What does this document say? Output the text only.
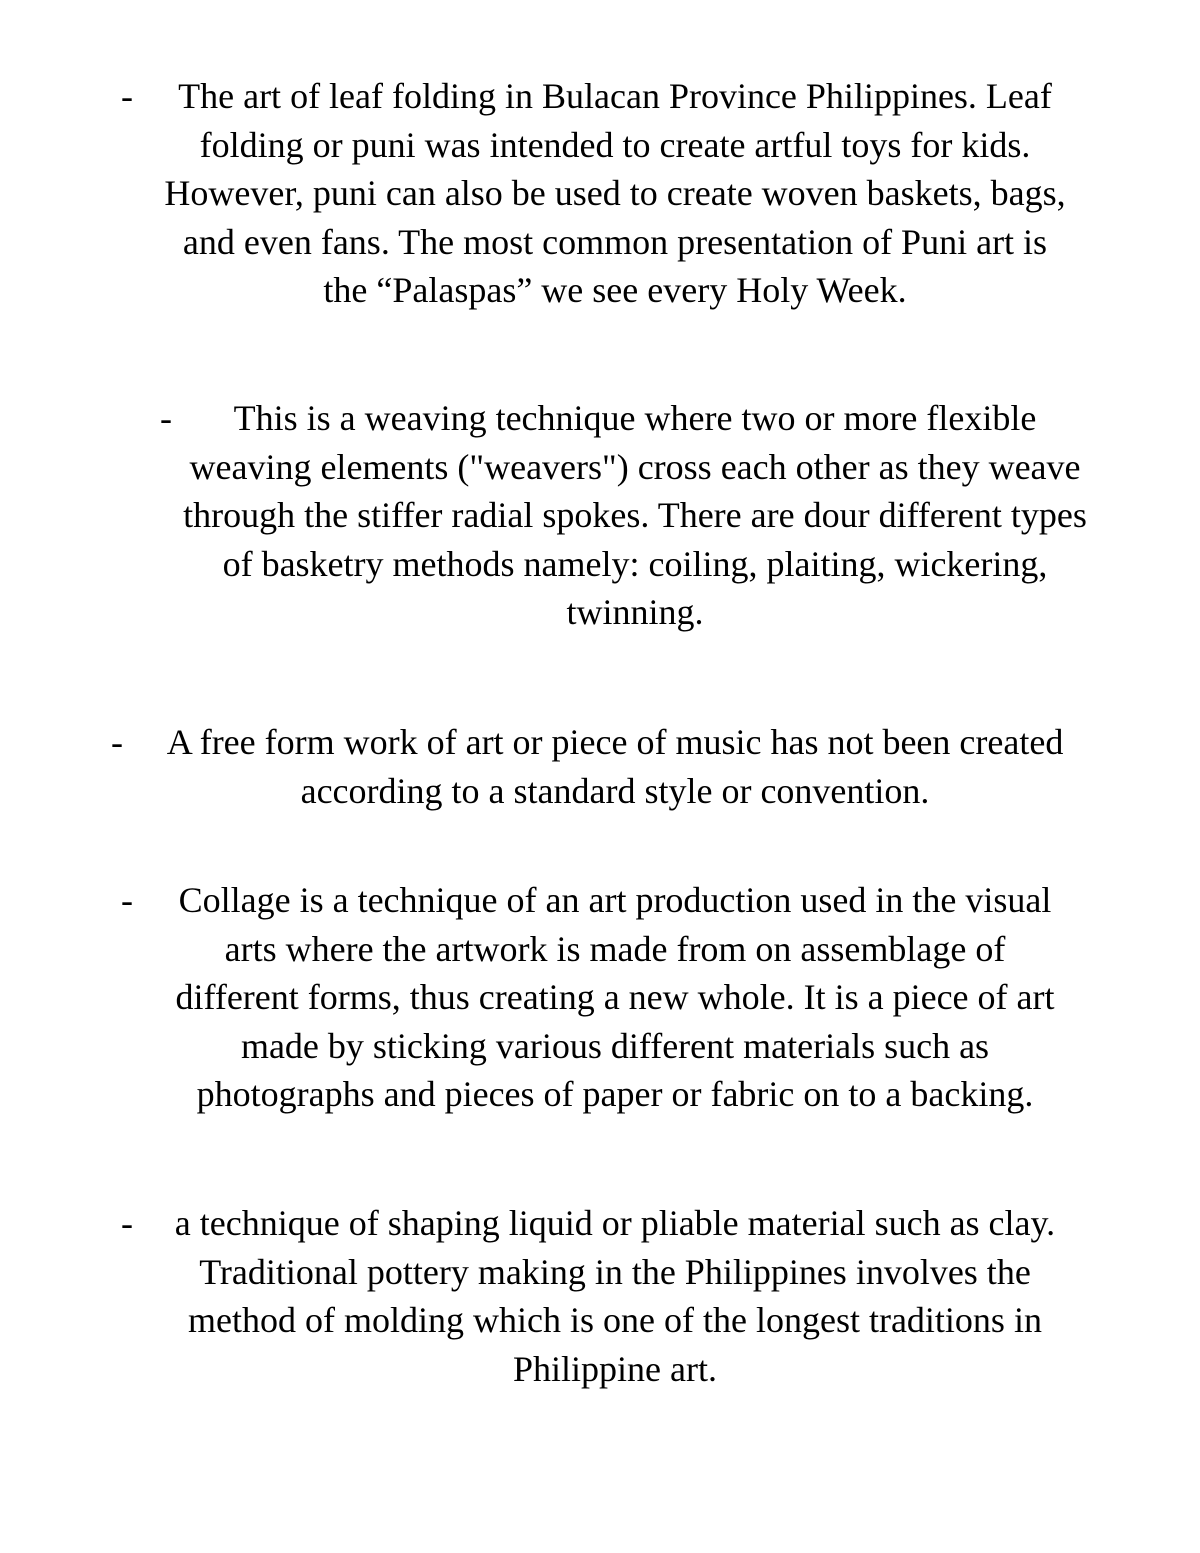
-	The art of leaf folding in Bulacan Province Philippines. Leaf
folding or puni was intended to create artful toys for kids.
However, puni can also be used to create woven baskets, bags,
and even fans. The most common presentation of Puni art is
the “Palaspas” we see every Holy Week.
-	This is a weaving technique where two or more flexible
weaving elements ("weavers") cross each other as they weave
through the stiffer radial spokes. There are dour different types
of basketry methods namely: coiling, plaiting, wickering,
twinning.
-	A free form work of art or piece of music has not been created
according to a standard style or convention.
-	Collage is a technique of an art production used in the visual
arts where the artwork is made from on assemblage of
different forms, thus creating a new whole. It is a piece of art
made by sticking various different materials such as
photographs and pieces of paper or fabric on to a backing.
-	a technique of shaping liquid or pliable material such as clay.
Traditional pottery making in the Philippines involves the
method of molding which is one of the longest traditions in
Philippine art.
